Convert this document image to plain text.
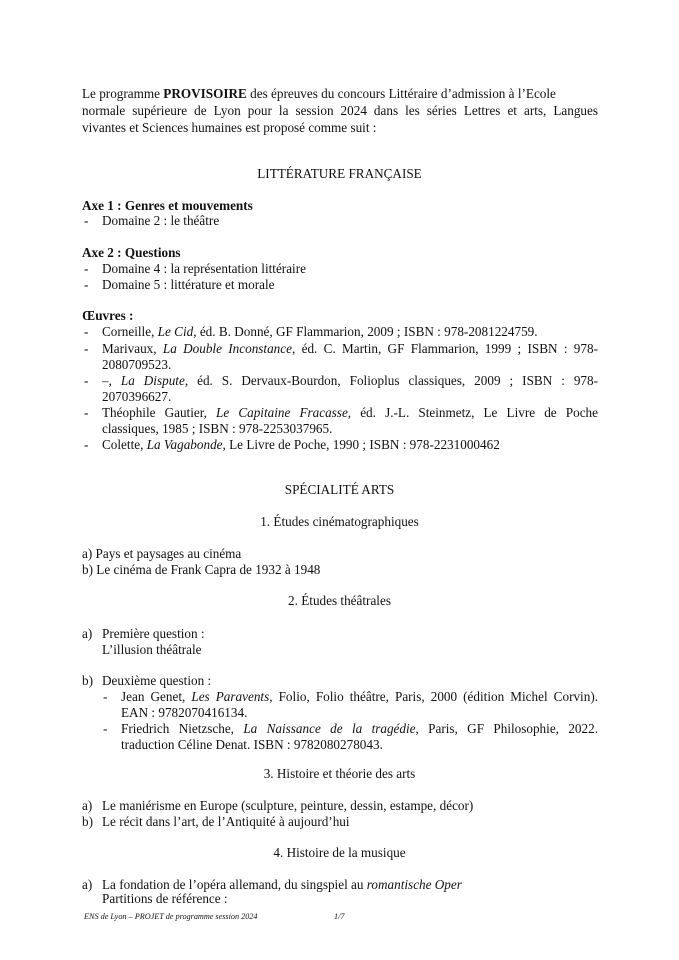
Le programme PROVISOIRE des épreuves du concours Littéraire d’admission à l’Ecole
normale supérieure de Lyon pour la session 2024 dans les séries Lettres et arts, Langues
vivantes et Sciences humaines est proposé comme suit :
LITTÉRATURE FRANÇAISE
Axe 1 : Genres et mouvements
- Domaine 2 : le théâtre
Axe 2 : Questions
- Domaine 4 : la représentation littéraire
- Domaine 5 : littérature et morale
Œuvres :
- Corneille, Le Cid, éd. B. Donné, GF Flammarion, 2009 ; ISBN : 978-2081224759.
- Marivaux, La Double Inconstance, éd. C. Martin, GF Flammarion, 1999 ; ISBN : 978-
2080709523.
- –, La Dispute, éd. S. Dervaux-Bourdon, Folioplus classiques, 2009 ; ISBN : 978-
2070396627.
- Théophile Gautier, Le Capitaine Fracasse, éd. J.-L. Steinmetz, Le Livre de Poche
classiques, 1985 ; ISBN : 978-2253037965.
- Colette, La Vagabonde, Le Livre de Poche, 1990 ; ISBN : 978-2231000462
SPÉCIALITÉ ARTS
1. Études cinématographiques
a) Pays et paysages au cinéma
b) Le cinéma de Frank Capra de 1932 à 1948
2. Études théâtrales
a) Première question :
L’illusion théâtrale
b) Deuxième question :
- Jean Genet, Les Paravents, Folio, Folio théâtre, Paris, 2000 (édition Michel Corvin).
EAN : 9782070416134.
- Friedrich Nietzsche, La Naissance de la tragédie, Paris, GF Philosophie, 2022.
traduction Céline Denat. ISBN : 9782080278043.
3. Histoire et théorie des arts
a) Le maniérisme en Europe (sculpture, peinture, dessin, estampe, décor)
b) Le récit dans l’art, de l’Antiquité à aujourd’hui
4. Histoire de la musique
a) La fondation de l’opéra allemand, du singspiel au romantische Oper
Partitions de référence :
ENS de Lyon – PROJET de programme session 2024	1/7
